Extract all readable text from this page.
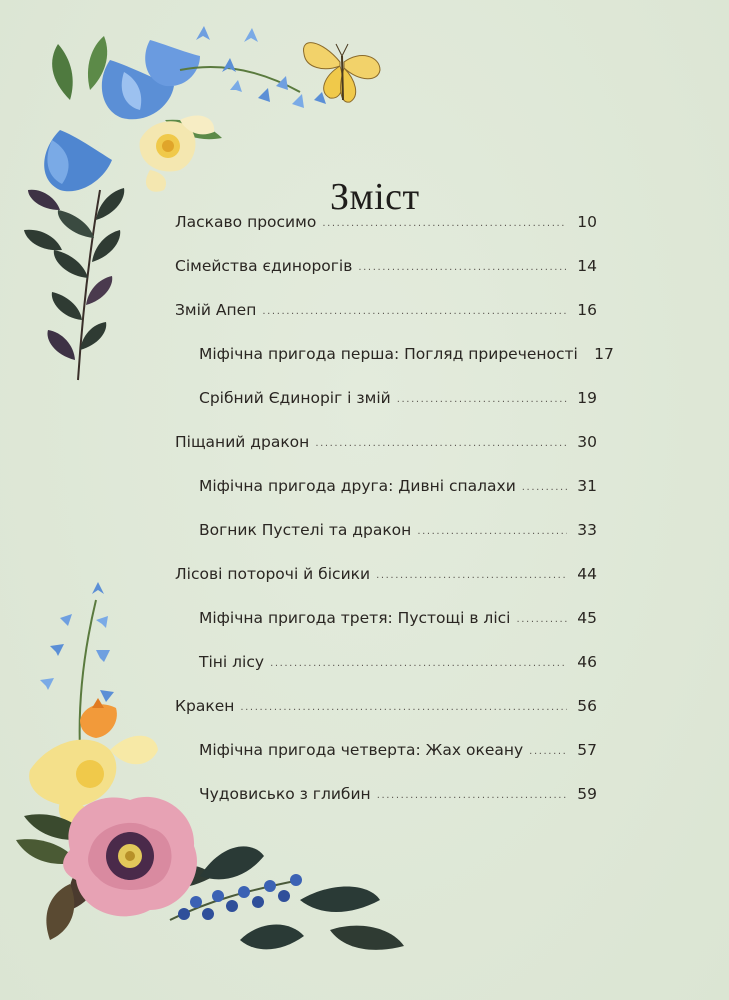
Зміст
Ласкаво просимо .....	10
Сімейства єдинорогів .....	14
Змій Апеп .....	16
Міфічна пригода перша: Погляд приреченості	17
Срібний Єдиноріг і змій .....	19
Піщаний дракон .....	30
Міфічна пригода друга: Дивні спалахи .....	31
Вогник Пустелі та дракон .....	33
Лісові поторочі й бісики .....	44
Міфічна пригода третя: Пустощі в лісі .....	45
Тіні лісу .....	46
Кракен .....	56
Міфічна пригода четверта: Жах океану .....	57
Чудовисько з глибин .....	59
